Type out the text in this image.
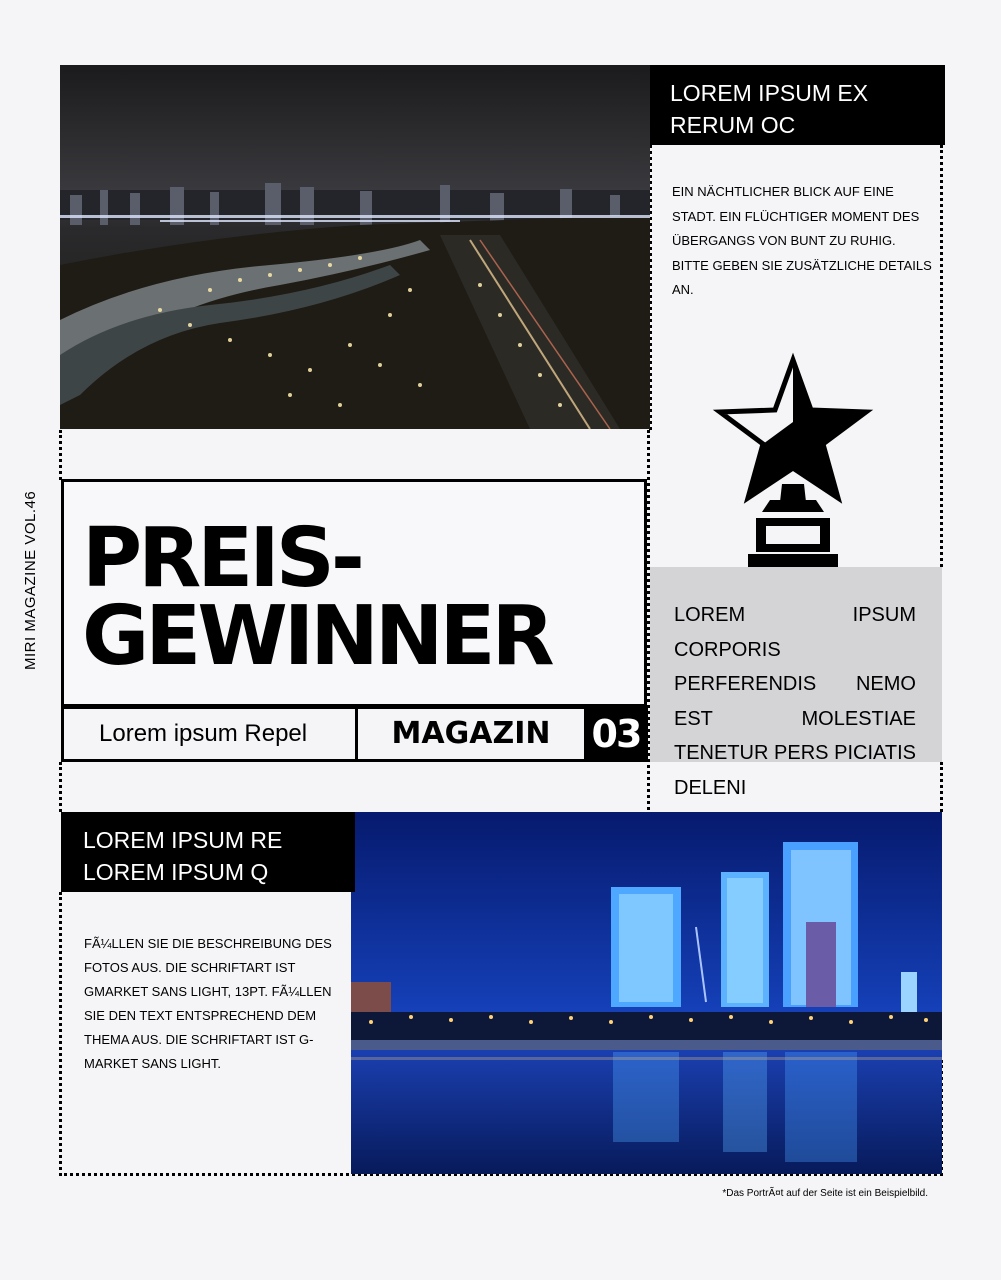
LOREM IPSUM EX
RERUM OC
EIN NÄCHTLICHER BLICK AUF EINE STADT. EIN FLÜCHTIGER MOMENT DES ÜBERGANGS VON BUNT ZU RUHIG. BITTE GEBEN SIE ZUSÄTZLICHE DETAILS AN.
PREIS-
GEWINNER
Lorem ipsum Repel	MAGAZIN	03
LOREM IPSUM CORPORIS PERFERENDIS NEMO EST MOLESTIAE TENETUR PERS PICIATIS DELENI
MIRI MAGAZINE VOL.46
LOREM IPSUM RE
LOREM IPSUM Q
FÃ¼LLEN SIE DIE BESCHREIBUNG DES FOTOS AUS. DIE SCHRIFTART IST GMARKET SANS LIGHT, 13PT. FÃ¼LLEN SIE DEN TEXT ENTSPRECHEND DEM THEMA AUS. DIE SCHRIFTART IST G-MARKET SANS LIGHT.
*Das PortrÃ¤t auf der Seite ist ein Beispielbild.
